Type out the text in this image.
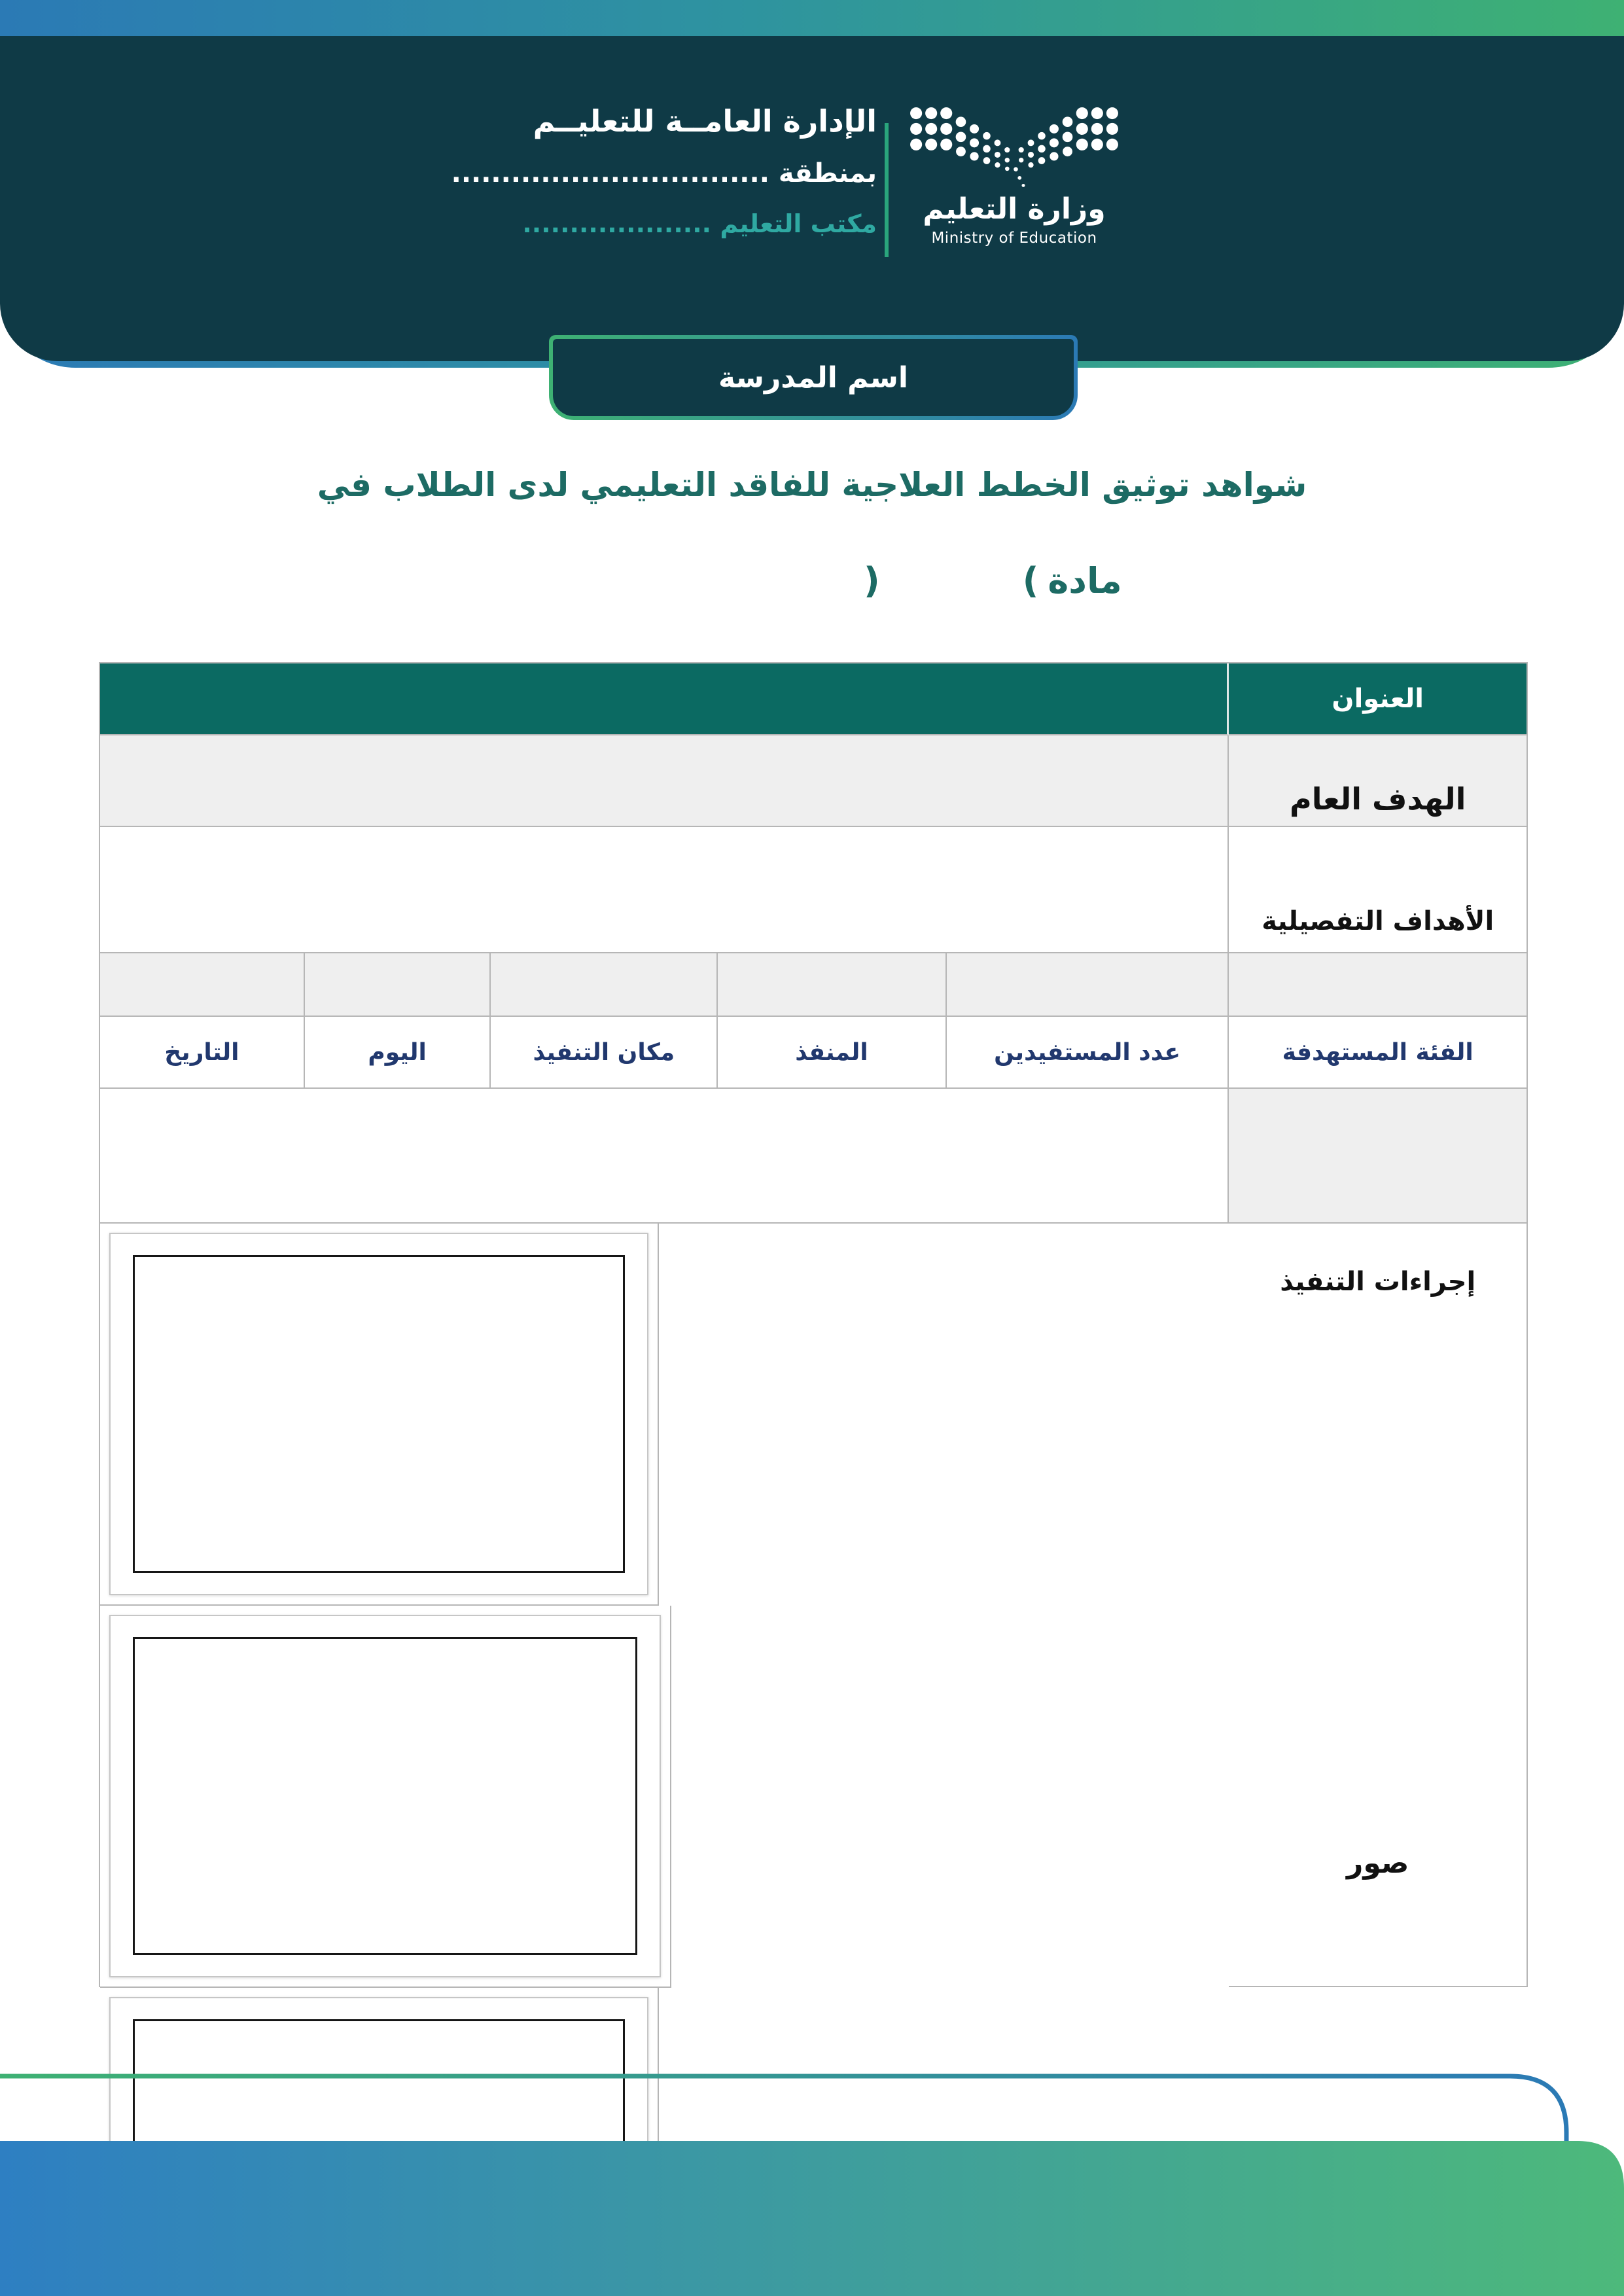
الإدارة العامــة للتعليــم
بمنطقة ................................
مكتب التعليم ....................	وزارة التعليم
Ministry of Education
اسم المدرسة
شواهد توثيق الخطط العلاجية للفاقد التعليمي لدى الطلاب في
)	( مادة
العنوان
الهدف العام
الأهداف التفصيلية
التاريخ	اليوم	مكان التنفيذ	المنفذ	عدد المستفيدين	الفئة المستهدفة
إجراءات التنفيذ
صور
